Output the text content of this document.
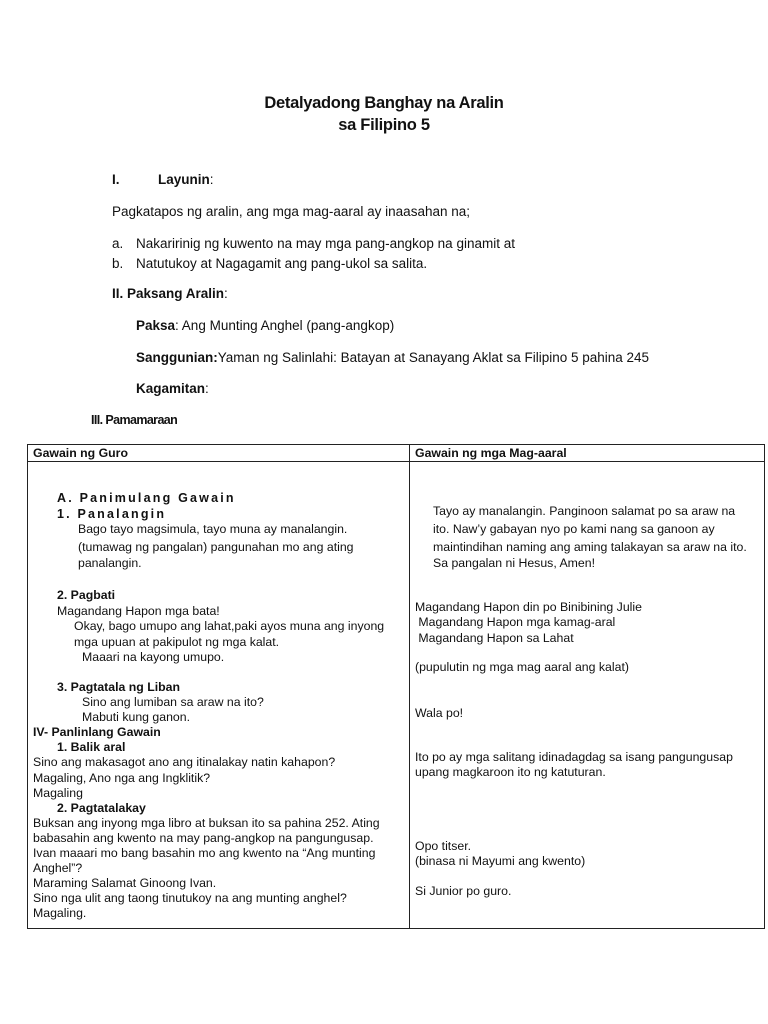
Detalyadong Banghay na Aralin
sa Filipino 5
I.	Layunin:
Pagkatapos ng aralin, ang mga mag-aaral ay inaasahan na;
a. Nakaririnig ng kuwento na may mga pang-angkop na ginamit at
b. Natutukoy at Nagagamit ang pang-ukol sa salita.
II. Paksang Aralin:
Paksa: Ang Munting Anghel (pang-angkop)
Sanggunian:Yaman ng Salinlahi: Batayan at Sanayang Aklat sa Filipino 5 pahina 245
Kagamitan:
III. Pamamaraan
Gawain ng Guro	Gawain ng mga Mag-aaral
A. Panimulang Gawain
1. Panalangin
Bago tayo magsimula, tayo muna ay manalangin.
(tumawag ng pangalan) pangunahan mo ang ating
panalangin.
2. Pagbati
Magandang Hapon mga bata!
Okay, bago umupo ang lahat,paki ayos muna ang inyong
mga upuan at pakipulot ng mga kalat.
Maaari na kayong umupo.
3. Pagtatala ng Liban
Sino ang lumiban sa araw na ito?
Mabuti kung ganon.
IV- Panlinlang Gawain
1. Balik aral
Sino ang makasagot ano ang itinalakay natin kahapon?
Magaling, Ano nga ang Ingklitik?
Magaling
2. Pagtatalakay
Buksan ang inyong mga libro at buksan ito sa pahina 252. Ating
babasahin ang kwento na may pang-angkop na pangungusap.
Ivan maaari mo bang basahin mo ang kwento na “Ang munting
Anghel”?
Maraming Salamat Ginoong Ivan.
Sino nga ulit ang taong tinutukoy na ang munting anghel?
Magaling.
Tayo ay manalangin. Panginoon salamat po sa araw na
ito. Naw’y gabayan nyo po kami nang sa ganoon ay
maintindihan naming ang aming talakayan sa araw na ito.
Sa pangalan ni Hesus, Amen!
Magandang Hapon din po Binibining Julie
Magandang Hapon mga kamag-aral
Magandang Hapon sa Lahat
(pupulutin ng mga mag aaral ang kalat)
Wala po!
Ito po ay mga salitang idinadagdag sa isang pangungusap
upang magkaroon ito ng katuturan.
Opo titser.
(binasa ni Mayumi ang kwento)
Si Junior po guro.
